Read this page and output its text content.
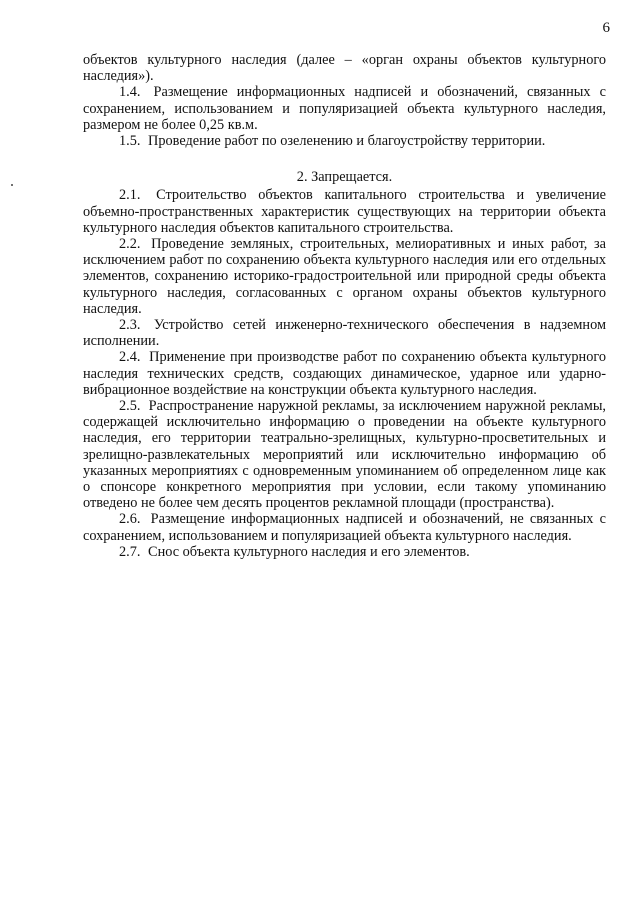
6

объектов культурного наследия (далее – «орган охраны объектов культурного наследия»).

1.4. Размещение информационных надписей и обозначений, связанных с сохранением, использованием и популяризацией объекта культурного наследия, размером не более 0,25 кв.м.

1.5. Проведение работ по озеленению и благоустройству территории.

2. Запрещается.

2.1. Строительство объектов капитального строительства и увеличение объемно-пространственных характеристик существующих на территории объекта культурного наследия объектов капитального строительства.

2.2. Проведение земляных, строительных, мелиоративных и иных работ, за исключением работ по сохранению объекта культурного наследия или его отдельных элементов, сохранению историко-градостроительной или природной среды объекта культурного наследия, согласованных с органом охраны объектов культурного наследия.

2.3. Устройство сетей инженерно-технического обеспечения в надземном исполнении.

2.4. Применение при производстве работ по сохранению объекта культурного наследия технических средств, создающих динамическое, ударное или ударно-вибрационное воздействие на конструкции объекта культурного наследия.

2.5. Распространение наружной рекламы, за исключением наружной рекламы, содержащей исключительно информацию о проведении на объекте культурного наследия, его территории театрально-зрелищных, культурно-просветительных и зрелищно-развлекательных мероприятий или исключительно информацию об указанных мероприятиях с одновременным упоминанием об определенном лице как о спонсоре конкретного мероприятия при условии, если такому упоминанию отведено не более чем десять процентов рекламной площади (пространства).

2.6. Размещение информационных надписей и обозначений, не связанных с сохранением, использованием и популяризацией объекта культурного наследия.

2.7. Снос объекта культурного наследия и его элементов.
